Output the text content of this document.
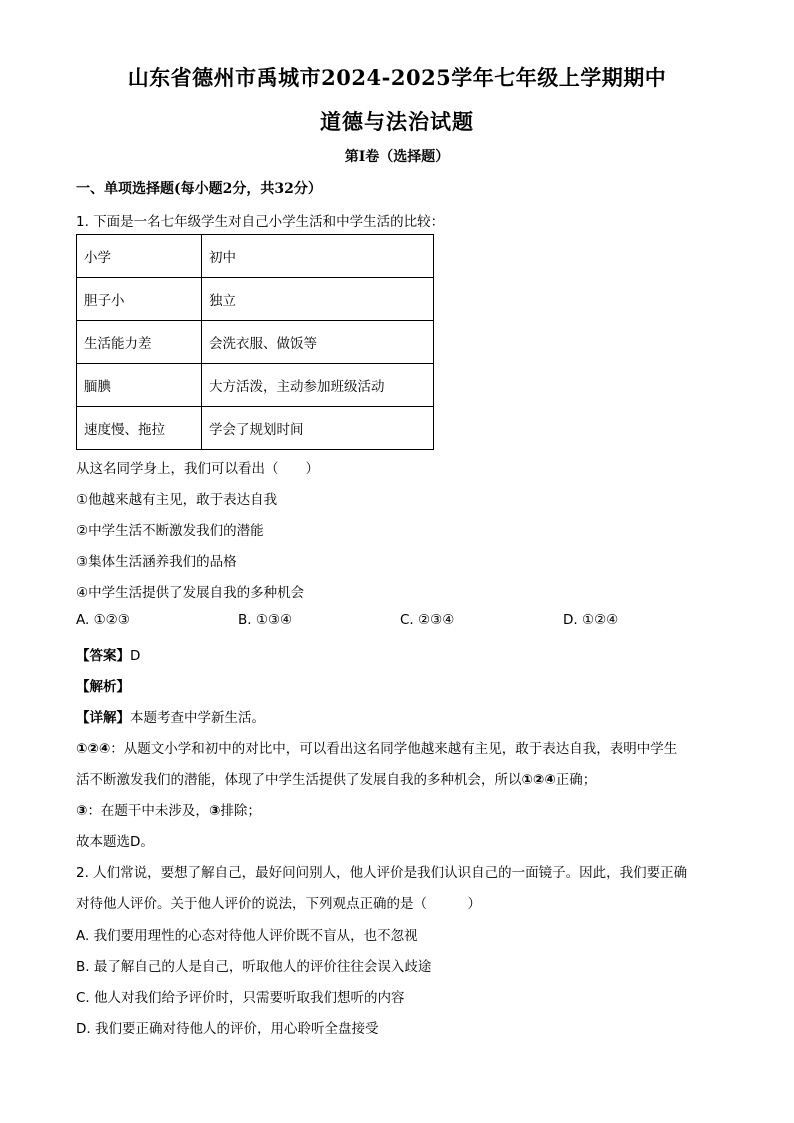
山东省德州市禹城市2024-2025学年七年级上学期期中
道德与法治试题
第Ⅰ卷（选择题）
一、单项选择题(每小题2分，共32分）
1. 下面是一名七年级学生对自己小学生活和中学生活的比较：
小学	初中
胆子小	独立
生活能力差	会洗衣服、做饭等
腼腆	大方活泼，主动参加班级活动
速度慢、拖拉	学会了规划时间
从这名同学身上，我们可以看出（　　）
①他越来越有主见，敢于表达自我
②中学生活不断激发我们的潜能
③集体生活涵养我们的品格
④中学生活提供了发展自我的多种机会
A. ①②③	B. ①③④	C. ②③④	D. ①②④
【答案】D
【解析】
【详解】本题考查中学新生活。
①②④：从题文小学和初中的对比中，可以看出这名同学他越来越有主见，敢于表达自我，表明中学生
活不断激发我们的潜能，体现了中学生活提供了发展自我的多种机会，所以①②④正确；
③：在题干中未涉及，③排除；
故本题选D。
2. 人们常说，要想了解自己，最好问问别人，他人评价是我们认识自己的一面镜子。因此，我们要正确
对待他人评价。关于他人评价的说法，下列观点正确的是（　　　）
A. 我们要用理性的心态对待他人评价既不盲从，也不忽视
B. 最了解自己的人是自己，听取他人的评价往往会误入歧途
C. 他人对我们给予评价时，只需要听取我们想听的内容
D. 我们要正确对待他人的评价，用心聆听全盘接受
